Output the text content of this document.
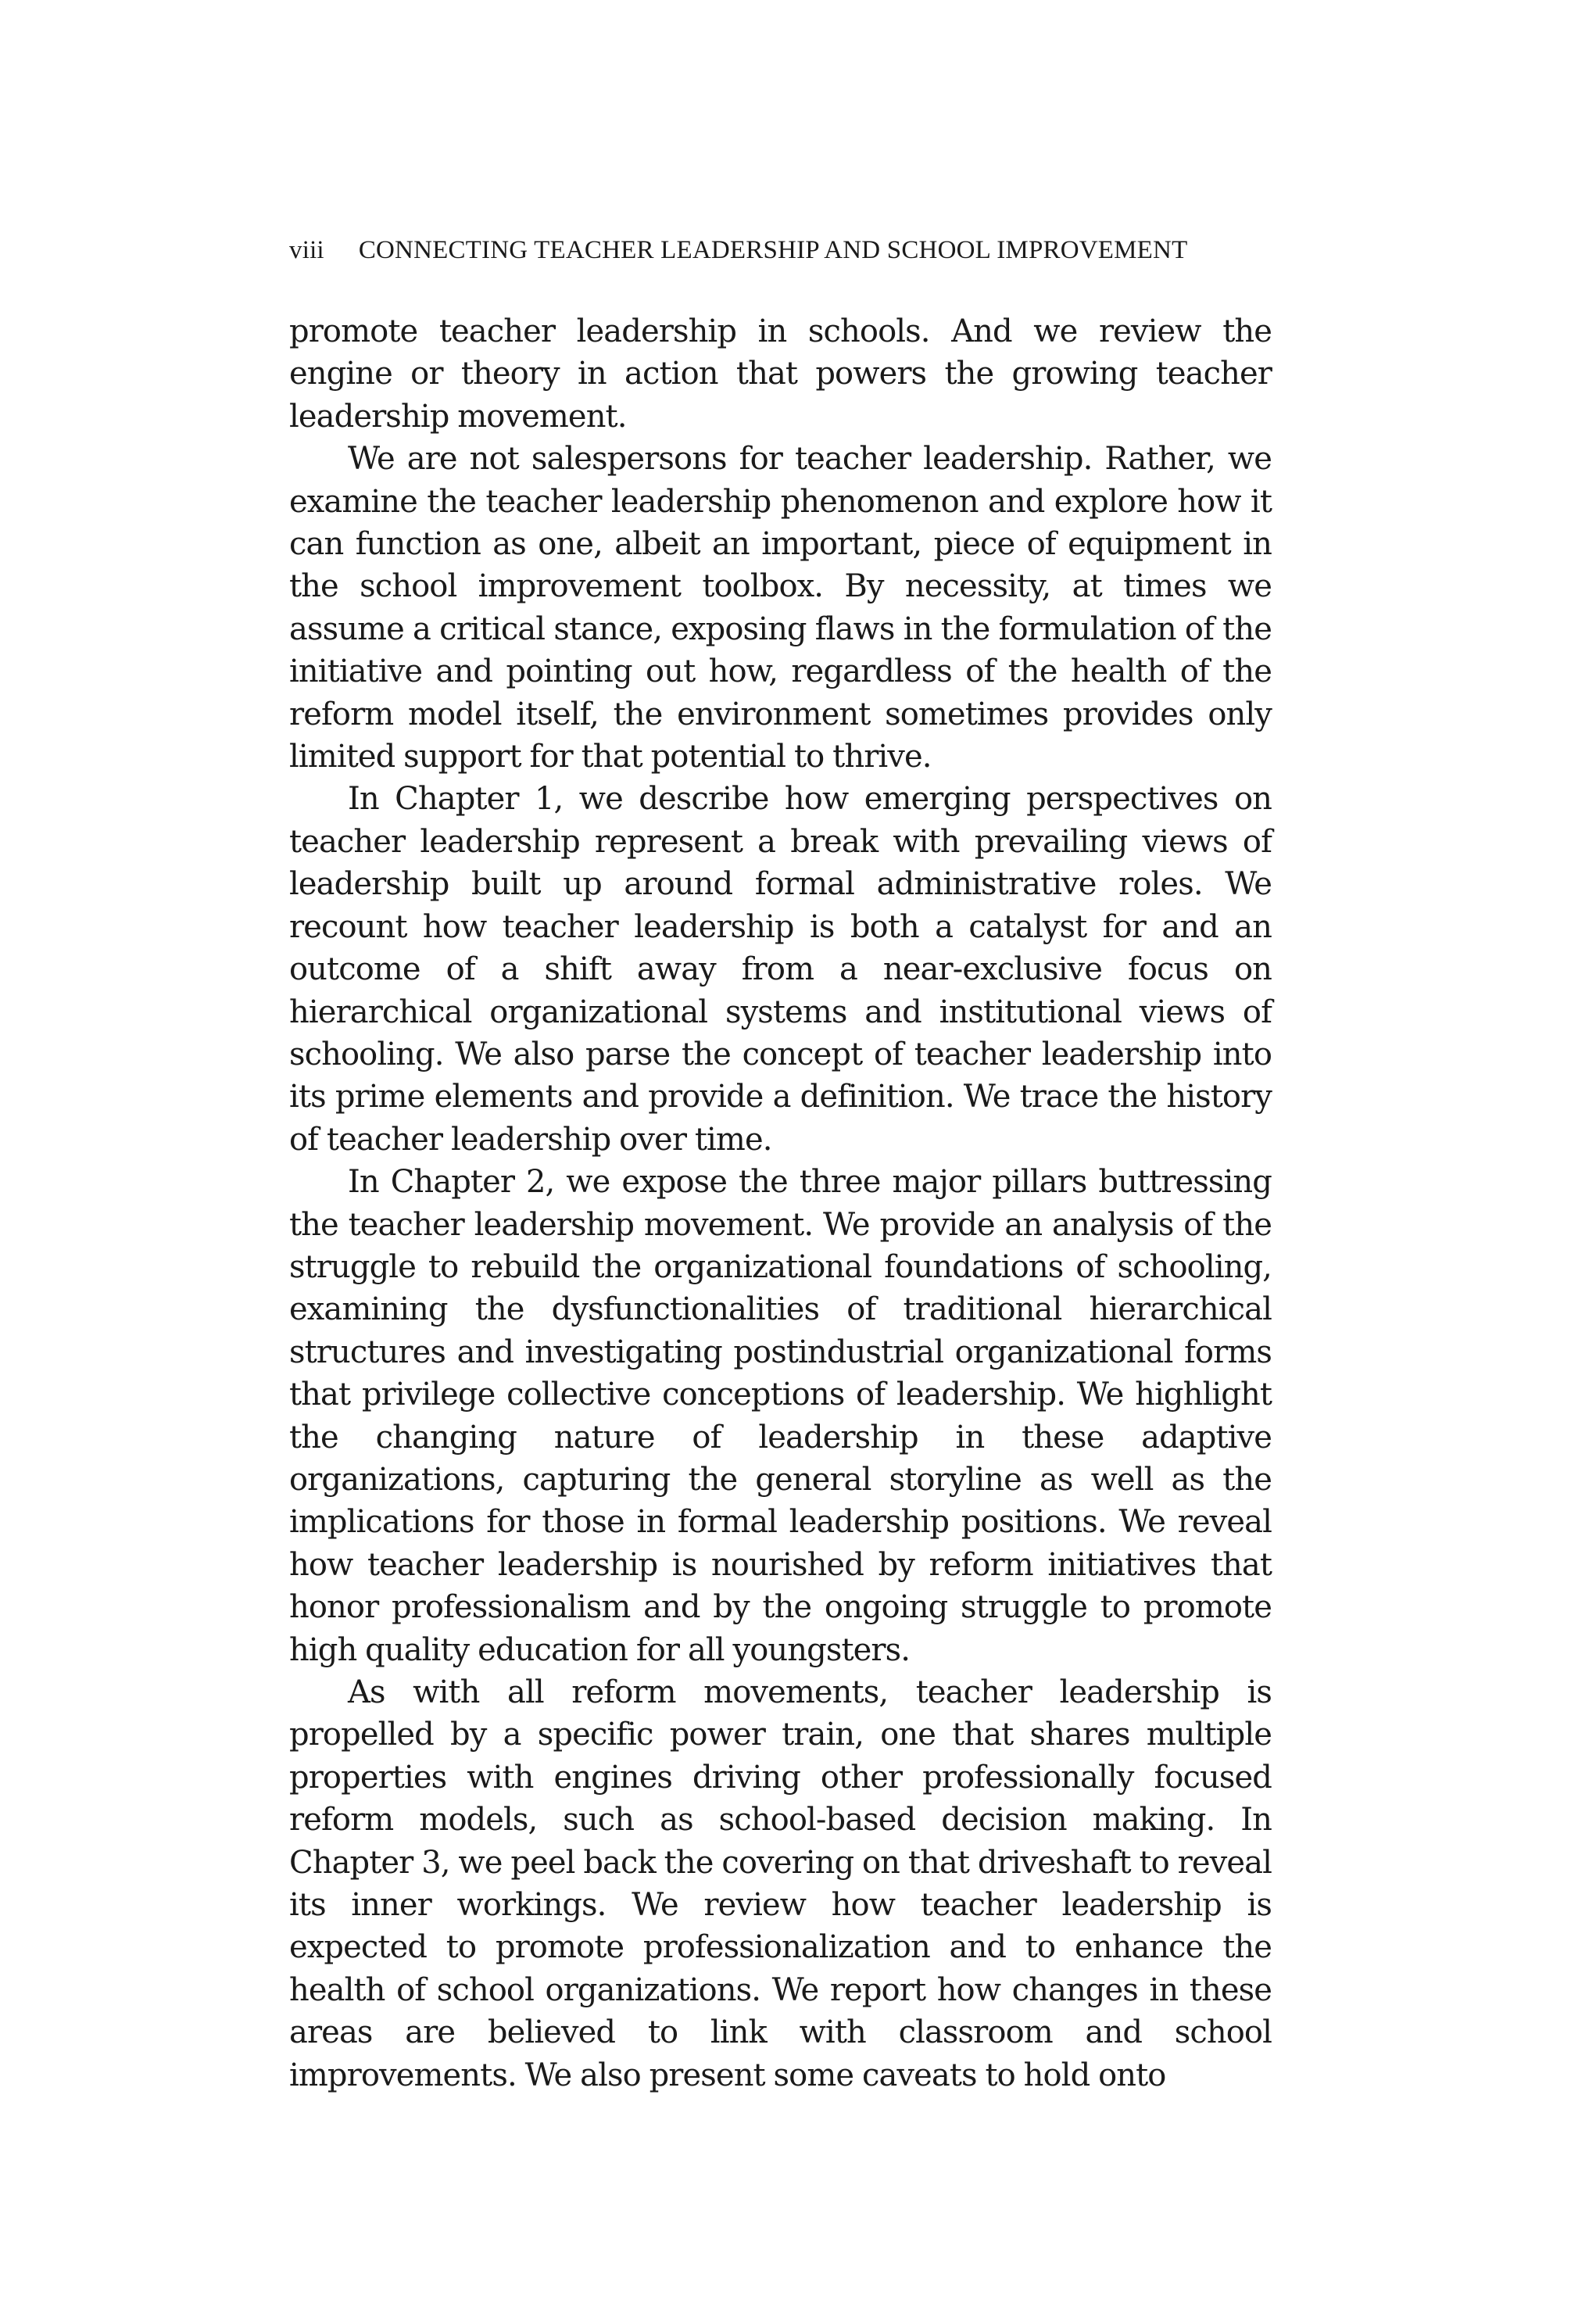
viii CONNECTING TEACHER LEADERSHIP AND SCHOOL IMPROVEMENT

promote teacher leadership in schools. And we review the engine or theory in action that powers the growing teacher leadership movement.

We are not salespersons for teacher leadership. Rather, we examine the teacher leadership phenomenon and explore how it can function as one, albeit an important, piece of equipment in the school improvement toolbox. By necessity, at times we assume a critical stance, exposing flaws in the formulation of the initiative and pointing out how, regardless of the health of the reform model itself, the environment sometimes provides only limited support for that potential to thrive.

In Chapter 1, we describe how emerging perspectives on teacher leadership represent a break with prevailing views of leadership built up around formal administrative roles. We recount how teacher leadership is both a catalyst for and an outcome of a shift away from a near-exclusive focus on hierarchical organizational systems and institutional views of schooling. We also parse the concept of teacher leadership into its prime elements and provide a definition. We trace the history of teacher leadership over time.

In Chapter 2, we expose the three major pillars buttressing the teacher leadership movement. We provide an analysis of the struggle to rebuild the organizational foundations of schooling, examining the dysfunctionalities of traditional hierarchical structures and investigating postindustrial organizational forms that privilege collective conceptions of leadership. We highlight the changing nature of leadership in these adaptive organizations, capturing the general storyline as well as the implications for those in formal leadership positions. We reveal how teacher leadership is nourished by reform initiatives that honor professionalism and by the ongoing struggle to promote high quality education for all youngsters.

As with all reform movements, teacher leadership is propelled by a specific power train, one that shares multiple properties with engines driving other professionally focused reform models, such as school-based decision making. In Chapter 3, we peel back the covering on that driveshaft to reveal its inner workings. We review how teacher leadership is expected to promote professionalization and to enhance the health of school organizations. We report how changes in these areas are believed to link with classroom and school improvements. We also present some caveats to hold onto
